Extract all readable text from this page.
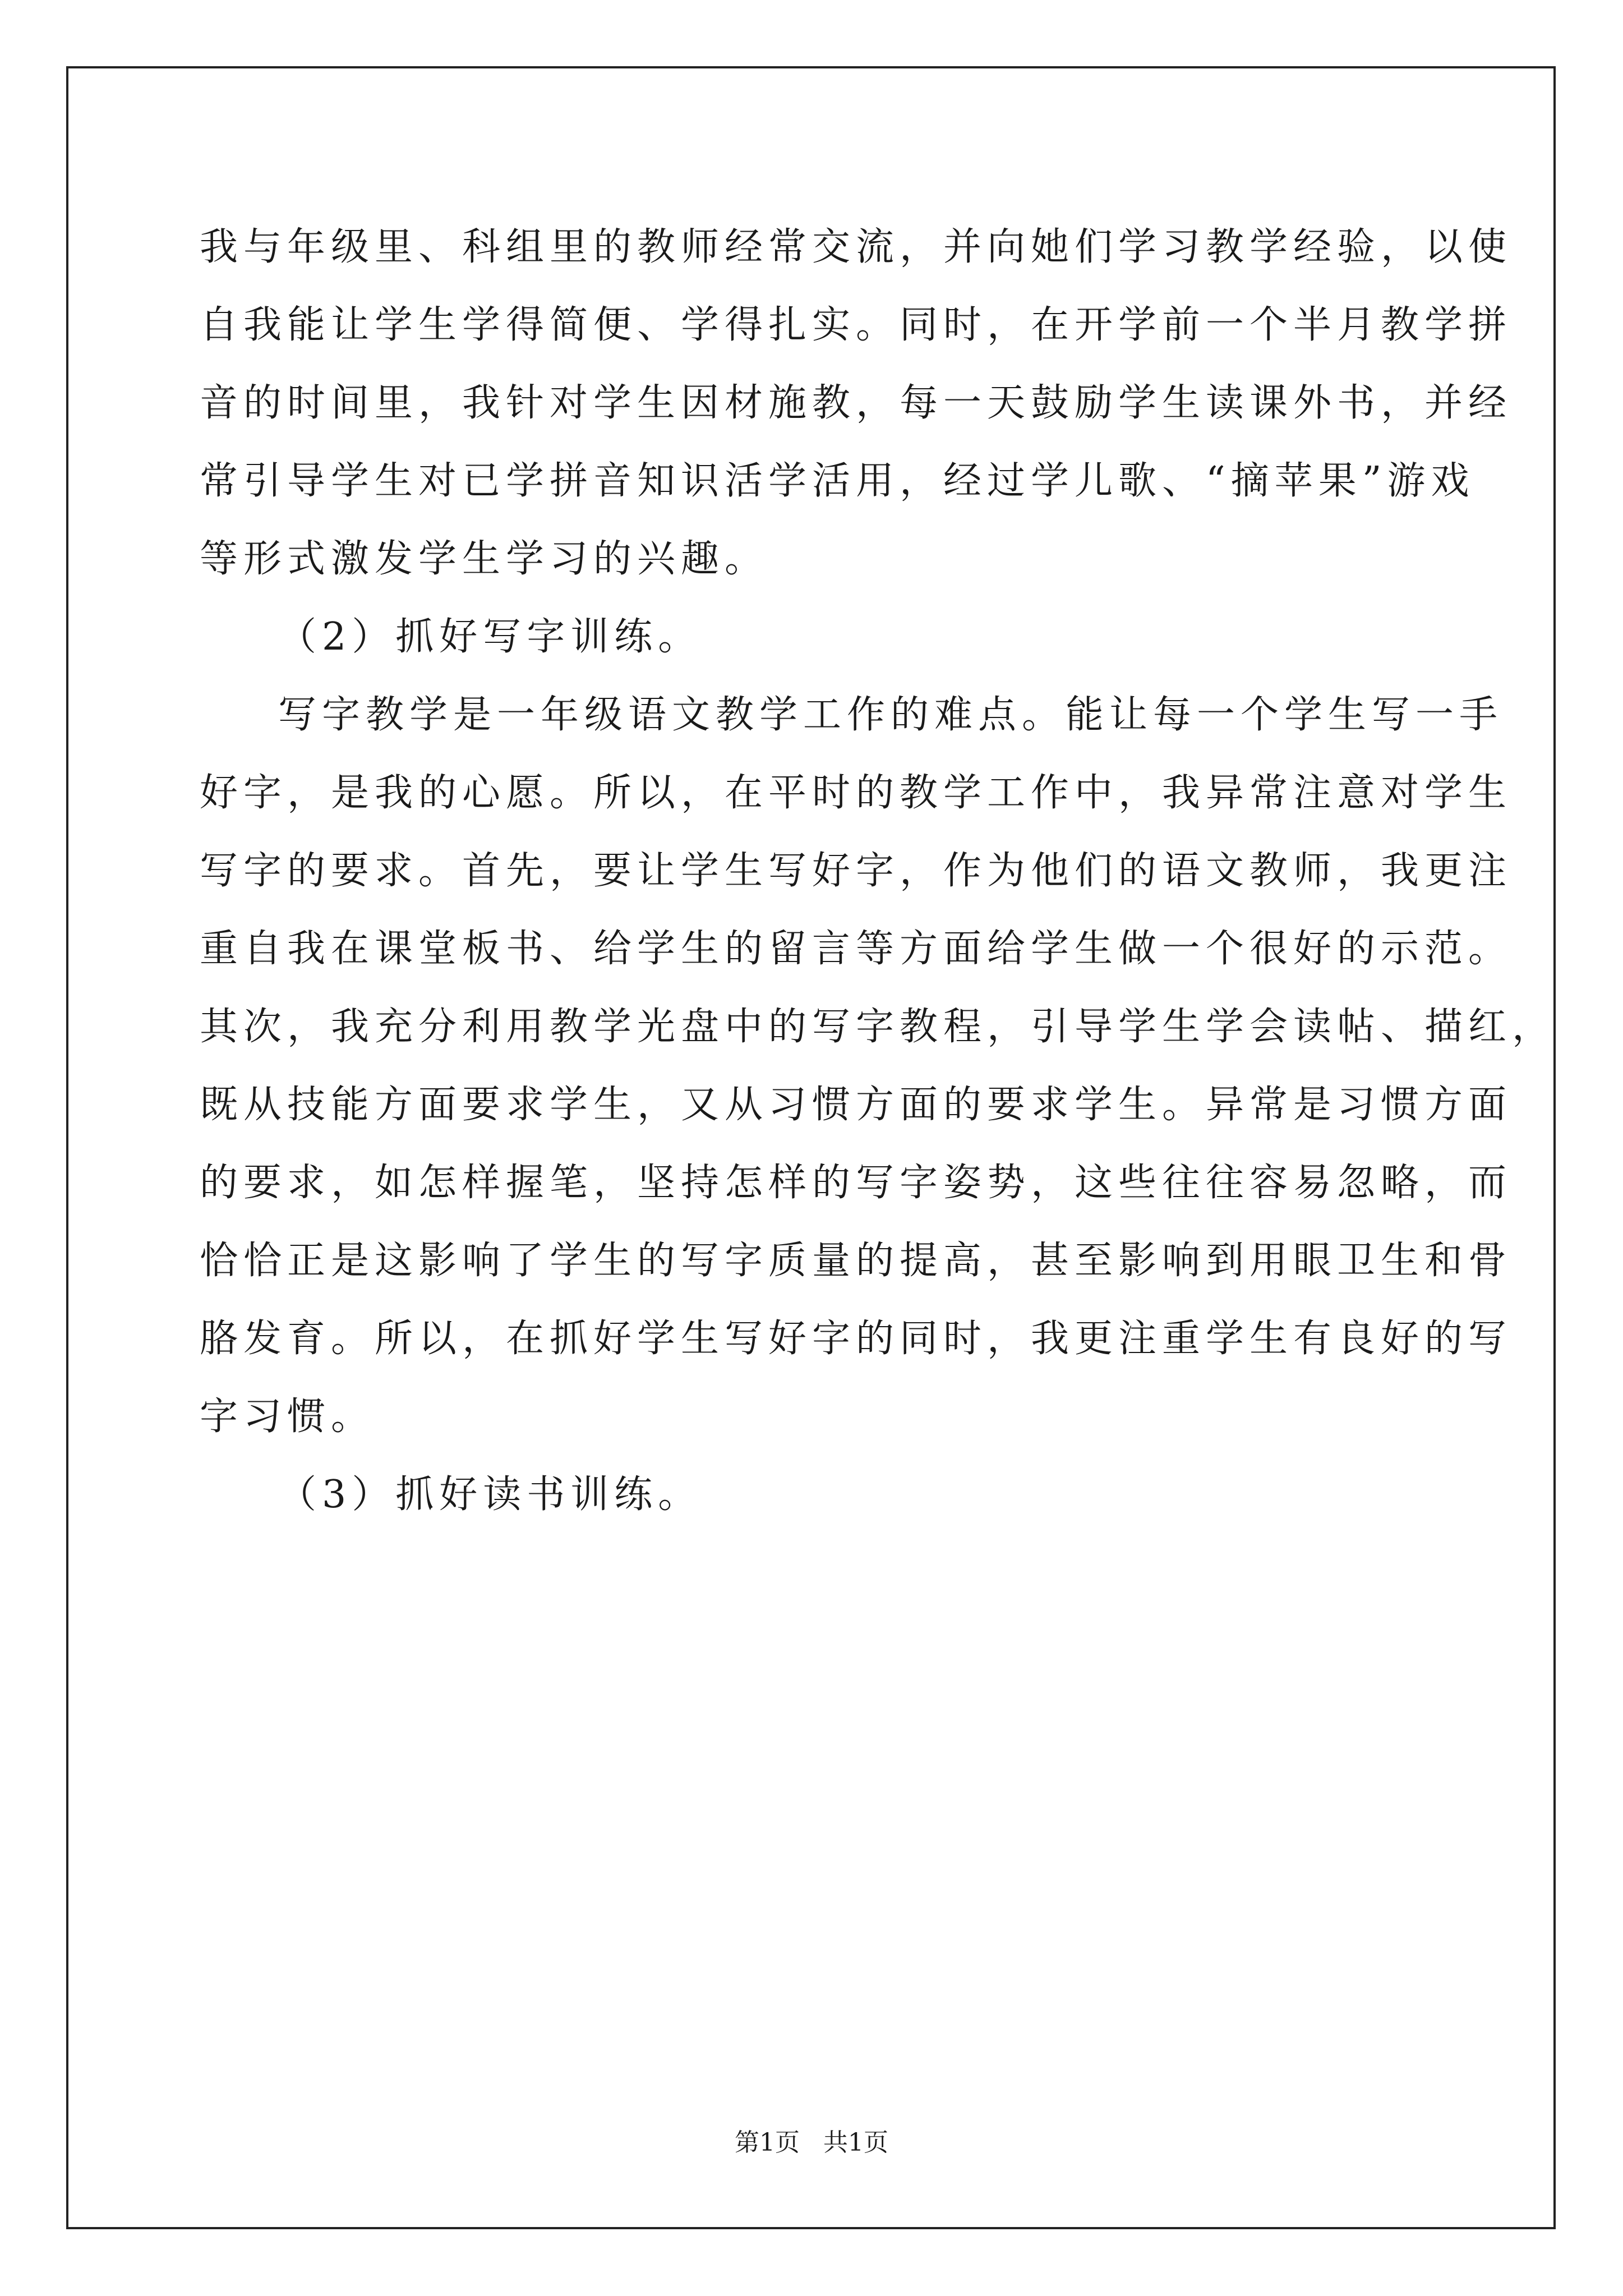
我与年级里、科组里的教师经常交流，并向她们学习教学经验，以使
自我能让学生学得简便、学得扎实。同时，在开学前一个半月教学拼
音的时间里，我针对学生因材施教，每一天鼓励学生读课外书，并经
常引导学生对已学拼音知识活学活用，经过学儿歌、“摘苹果”游戏
等形式激发学生学习的兴趣。
（2）抓好写字训练。
写字教学是一年级语文教学工作的难点。能让每一个学生写一手
好字，是我的心愿。所以，在平时的教学工作中，我异常注意对学生
写字的要求。首先，要让学生写好字，作为他们的语文教师，我更注
重自我在课堂板书、给学生的留言等方面给学生做一个很好的示范。
其次，我充分利用教学光盘中的写字教程，引导学生学会读帖、描红，
既从技能方面要求学生，又从习惯方面的要求学生。异常是习惯方面
的要求，如怎样握笔，坚持怎样的写字姿势，这些往往容易忽略，而
恰恰正是这影响了学生的写字质量的提高，甚至影响到用眼卫生和骨
胳发育。所以，在抓好学生写好字的同时，我更注重学生有良好的写
字习惯。
（3）抓好读书训练。
第1页   共1页
